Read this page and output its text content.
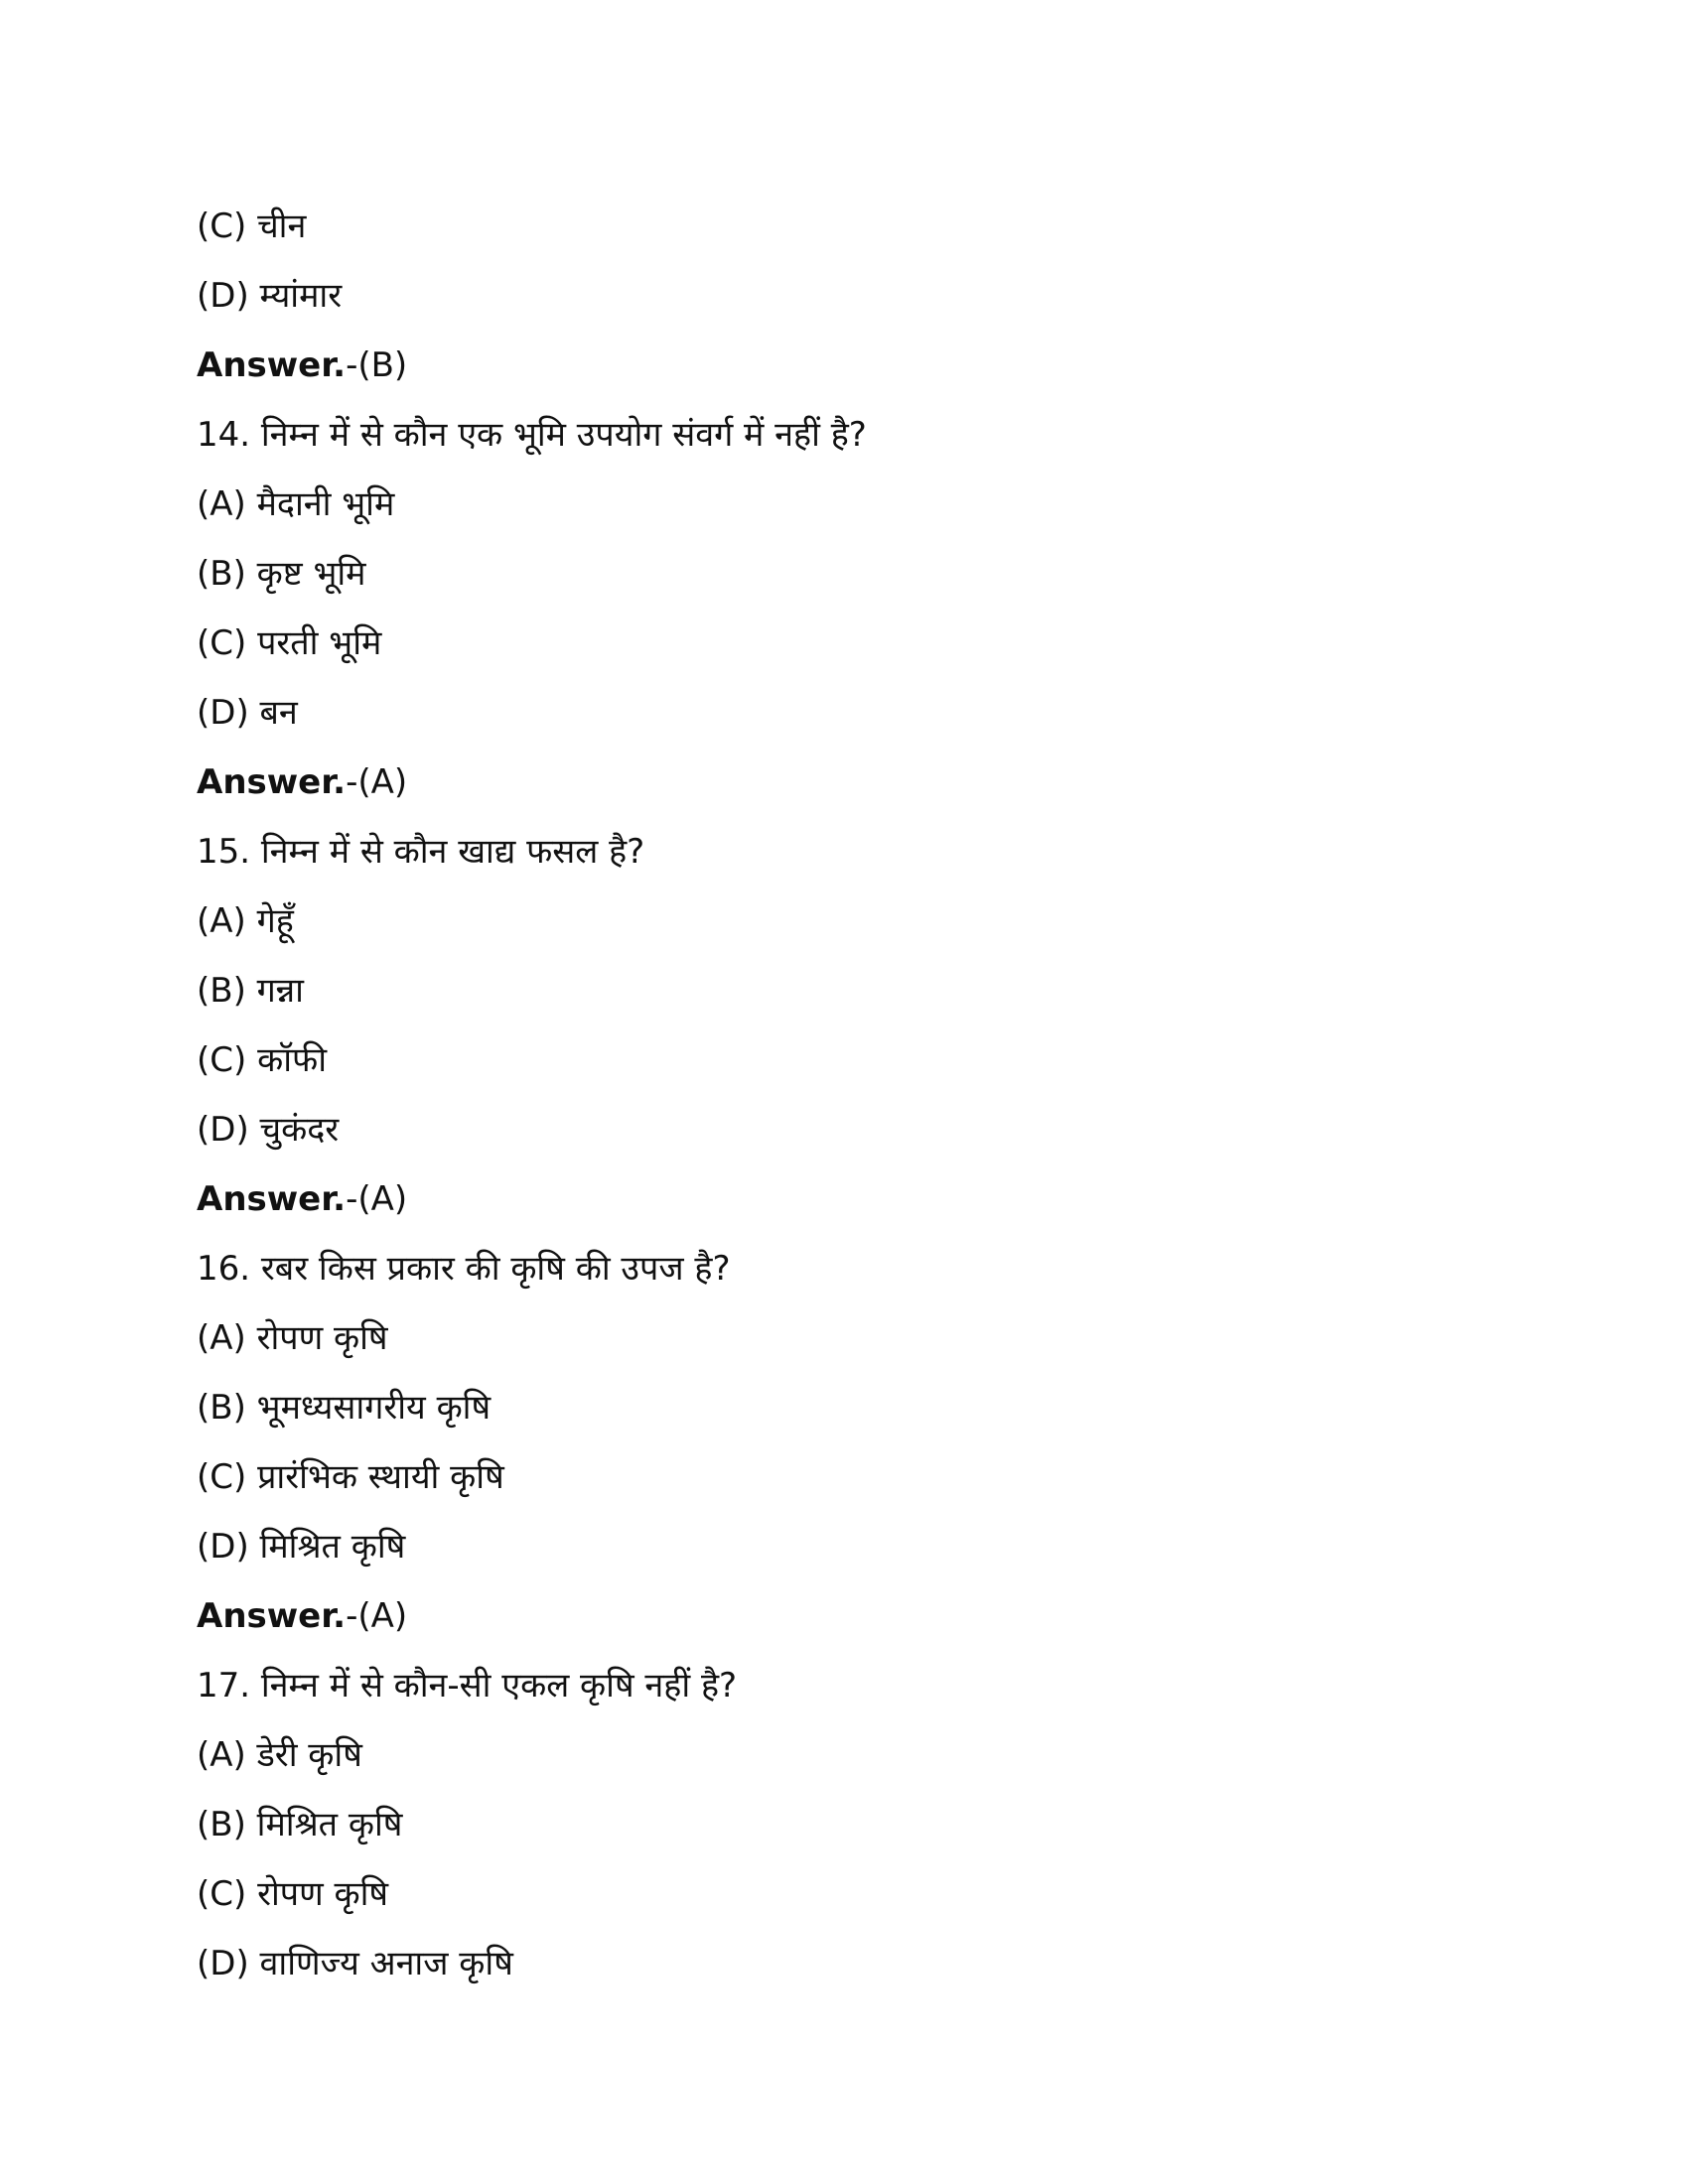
(C) चीन
(D) म्यांमार
Answer.-(B)
14. निम्न में से कौन एक भूमि उपयोग संवर्ग में नहीं है?
(A) मैदानी भूमि
(B) कृष्ट भूमि
(C) परती भूमि
(D) बन
Answer.-(A)
15. निम्न में से कौन खाद्य फसल है?
(A) गेहूँ
(B) गन्ना
(C) कॉफी
(D) चुकंदर
Answer.-(A)
16. रबर किस प्रकार की कृषि की उपज है?
(A) रोपण कृषि
(B) भूमध्यसागरीय कृषि
(C) प्रारंभिक स्थायी कृषि
(D) मिश्रित कृषि
Answer.-(A)
17. निम्न में से कौन-सी एकल कृषि नहीं है?
(A) डेरी कृषि
(B) मिश्रित कृषि
(C) रोपण कृषि
(D) वाणिज्य अनाज कृषि
